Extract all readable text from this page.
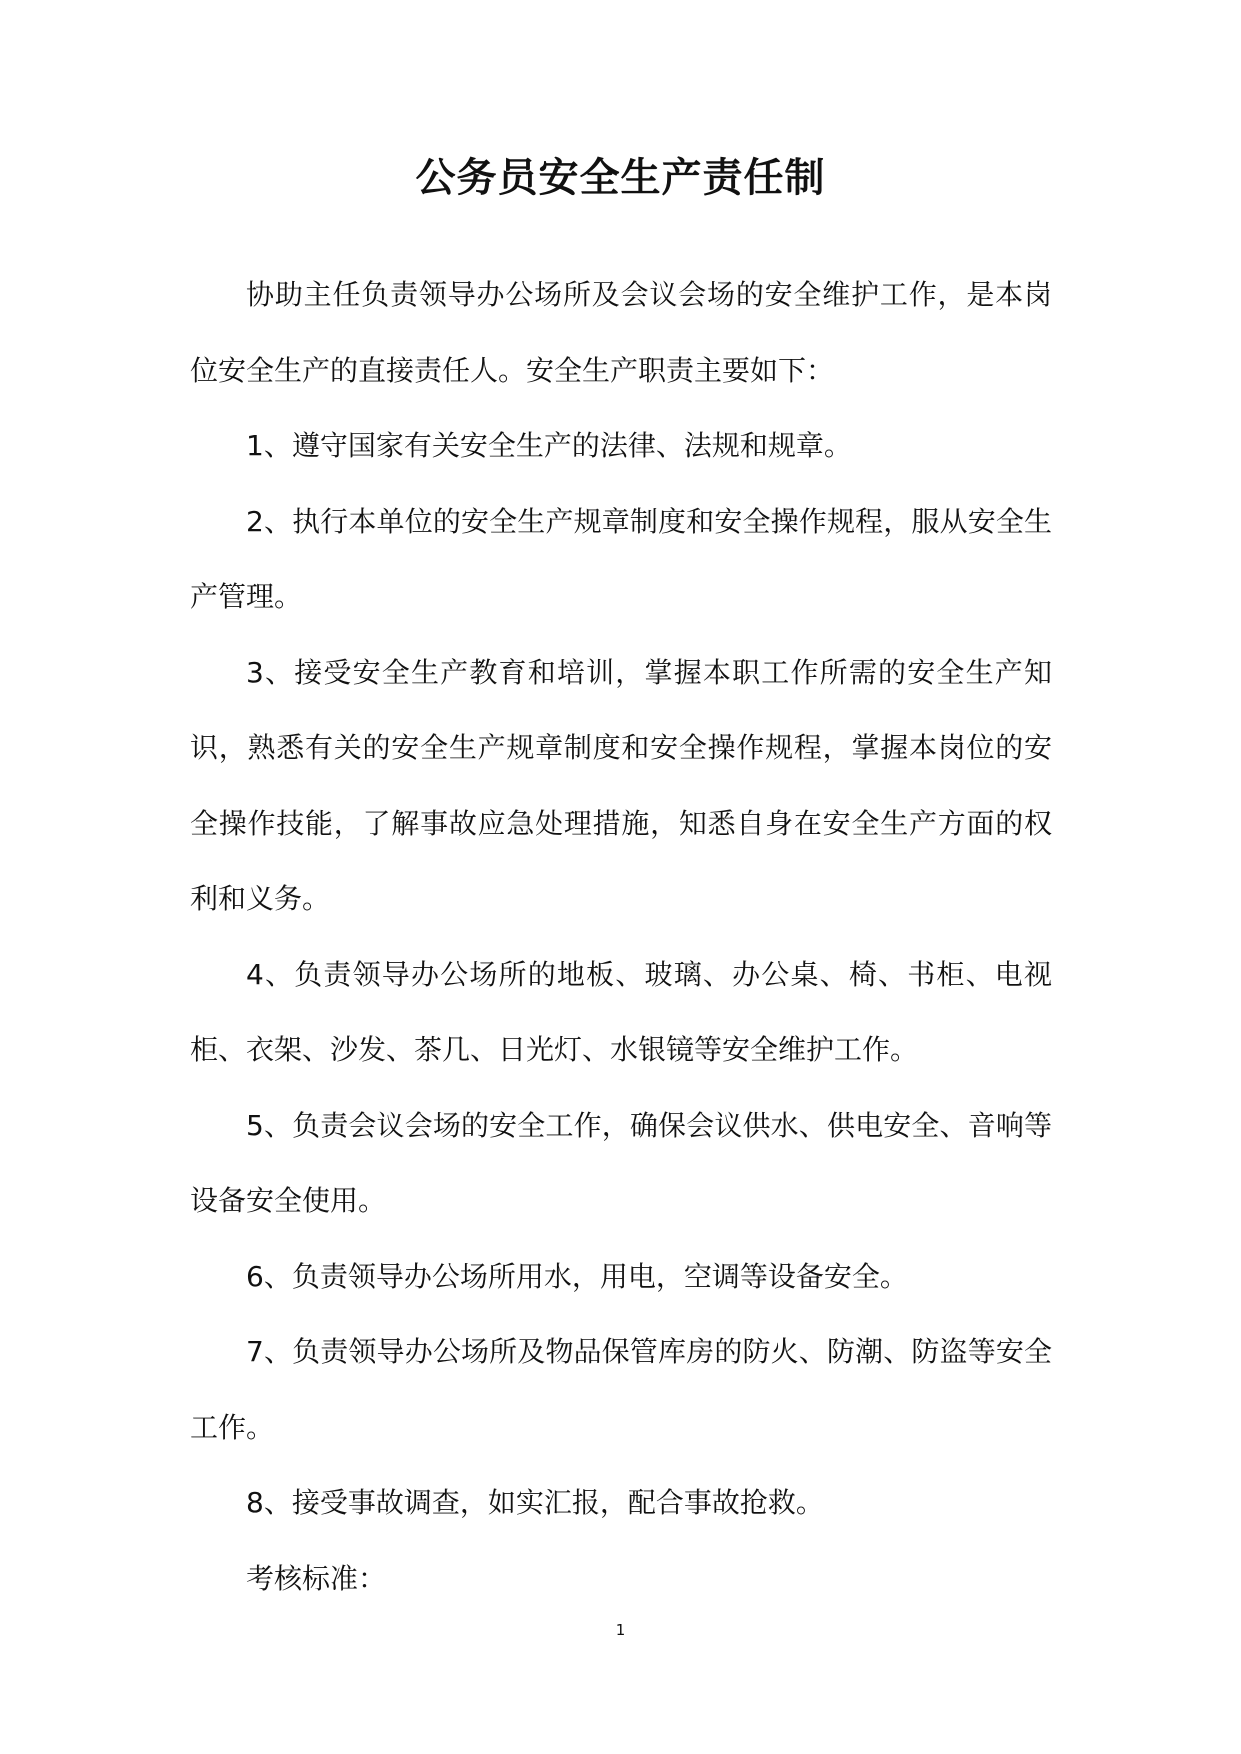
公务员安全生产责任制

协助主任负责领导办公场所及会议会场的安全维护工作，是本岗位安全生产的直接责任人。安全生产职责主要如下：

1、遵守国家有关安全生产的法律、法规和规章。

2、执行本单位的安全生产规章制度和安全操作规程，服从安全生产管理。

3、接受安全生产教育和培训，掌握本职工作所需的安全生产知识，熟悉有关的安全生产规章制度和安全操作规程，掌握本岗位的安全操作技能，了解事故应急处理措施，知悉自身在安全生产方面的权利和义务。

4、负责领导办公场所的地板、玻璃、办公桌、椅、书柜、电视柜、衣架、沙发、茶几、日光灯、水银镜等安全维护工作。

5、负责会议会场的安全工作，确保会议供水、供电安全、音响等设备安全使用。

6、负责领导办公场所用水，用电，空调等设备安全。

7、负责领导办公场所及物品保管库房的防火、防潮、防盗等安全工作。

8、接受事故调查，如实汇报，配合事故抢救。

考核标准：

1
